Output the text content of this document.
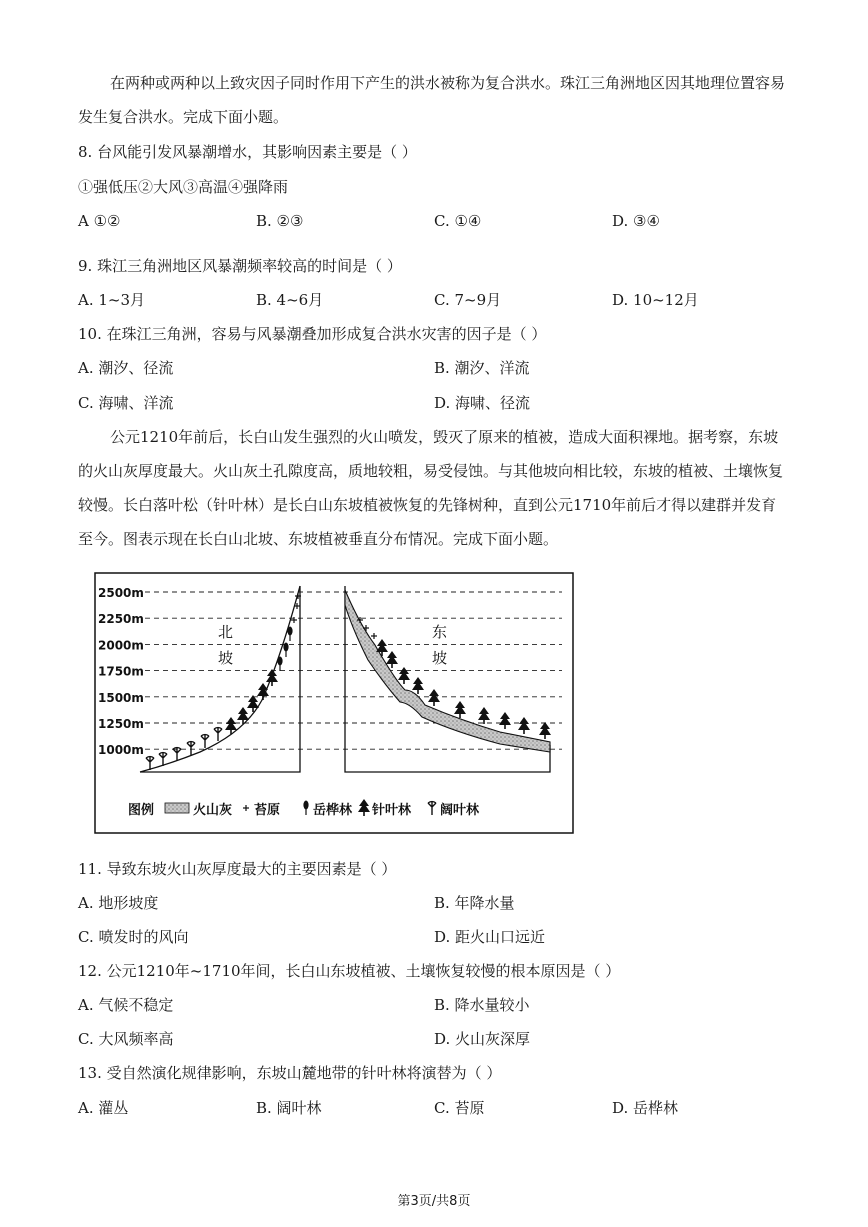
在两种或两种以上致灾因子同时作用下产生的洪水被称为复合洪水。珠江三角洲地区因其地理位置容易发生复合洪水。完成下面小题。
8. 台风能引发风暴潮增水，其影响因素主要是（ ）
①强低压②大风③高温④强降雨
A ①②	B. ②③	C. ①④	D. ③④
9. 珠江三角洲地区风暴潮频率较高的时间是（ ）
A. 1~3月	B. 4~6月	C. 7~9月	D. 10~12月
10. 在珠江三角洲，容易与风暴潮叠加形成复合洪水灾害的因子是（ ）
A. 潮汐、径流	B. 潮汐、洋流
C. 海啸、洋流	D. 海啸、径流
公元1210年前后，长白山发生强烈的火山喷发，毁灭了原来的植被，造成大面积裸地。据考察，东坡的火山灰厚度最大。火山灰土孔隙度高，质地较粗，易受侵蚀。与其他坡向相比较，东坡的植被、土壤恢复较慢。长白落叶松（针叶林）是长白山东坡植被恢复的先锋树种，直到公元1710年前后才得以建群并发育至今。图表示现在长白山北坡、东坡植被垂直分布情况。完成下面小题。
2500m
2250m
2000m
1750m
1500m
1250m
1000m
北
坡
东
坡
图例	火山灰 苔原	岳桦林 针叶林 阔叶林
11. 导致东坡火山灰厚度最大的主要因素是（ ）
A. 地形坡度	B. 年降水量
C. 喷发时的风向	D. 距火山口远近
12. 公元1210年~1710年间，长白山东坡植被、土壤恢复较慢的根本原因是（ ）
A. 气候不稳定	B. 降水量较小
C. 大风频率高	D. 火山灰深厚
13. 受自然演化规律影响，东坡山麓地带的针叶林将演替为（ ）
A. 灌丛	B. 阔叶林	C. 苔原	D. 岳桦林
第3页/共8页
